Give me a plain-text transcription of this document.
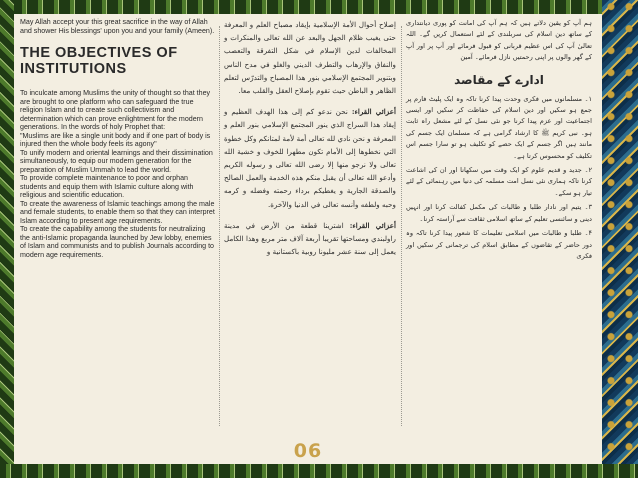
May Allah accept your this great sacrifice in the way of Allah and shower His blessings' upon you and your family (Ameen).

THE OBJECTIVES OF INSTITUTIONS

To inculcate among Muslims the unity of thought so that they are brought to one platform who can safeguard the true religion Islam and to create such collectivism and determination which can prove enlightment for the modern generations. In the words of holy Prophet that:

"Muslims are like a single unit body and if one part of body is injured then the whole body feels its agony"

To unify modern and oriental learnings and their dissimination simultaneously, to equip our modern generation for the preparation of Muslim Ummah to lead the world.

To provide complete maintenance to poor and orphan students and equip them with Islamic culture along with religious and scientific education.

To create the awareness of Islamic teachings among the male and female students, to enable them so that they can interpret Islam according to present age requirements.

To create the capability among the students for neutralizing the anti-Islamic propaganda launched by Jew lobby, enemies of Islam and communists and to publish Journals according to modern age requirements.

إصلاح أحوال الأمة الإسلامية بإيقاد مصباح العلم و المعرفة حتى يغيب ظلام الجهل والبعد عن الله تعالى والمنكرات و المخالفات لدين الإسلام في شكل التفرقة والتعصب والنفاق والإرهاب والتطرف الديني والغلو في مدح الناس وبتنوير المجتمع الإسلامي بنور هذا المصباح والتدرّس لتعلم الظاهر و الباطن حيث تقوم بإصلاح العقل والقلب معا.

أعزائي القراء: نحن ندعو كم إلى هذا الهدف العظيم و إيقاد هذا السراج الذي ينور المجتمع الإسلامي بنور العلم و المعرفة و نحن نادي لله تعالى أمة لأمة لمتانكم وكل خطوة التي نخطوها إلى الأمام تكون مطهرا للخوف و خشية الله تعالى ولا نرجو منها إلا رضى الله تعالى و رسوله الكريم وأدعو الله تعالى أن يقبل منكم هذه الخدمة والعمل الصالح والصدقة الجارية و يغطيكم برداء رحمته وفضله و كرمه وحبه ولطفه وأنسه تعالى في الدنيا والآخرة.

أعزائي القراء: اشترينا قطعة من الأرض في مدينة راولبندي ومساحتها تقريبا أربعة آلاف متر مربع وهذا الكامل يعمل إلى سنة عشر مليونا روبية باكستانية و

ہم آپ کو یقین دلاتے ہیں کہ ہم آپ کی امانت کو پوری دیانتداری کے ساتھ دین اسلام کی سربلندی کے لئے استعمال کریں گے۔ اللہ تعالیٰ آپ کی اس عظیم قربانی کو قبول فرمائے اور آپ پر اور آپ کے گھر والوں پر اپنی رحمتیں نازل فرمائے۔ آمین

ادارے کے مقاصد

۱۔ مسلمانوں میں فکری وحدت پیدا کرنا تاکہ وہ ایک پلیٹ فارم پر جمع ہو سکیں اور دین اسلام کی حفاظت کر سکیں اور ایسی اجتماعیت اور عزم پیدا کرنا جو نئی نسل کے لئے مشعل راہ ثابت ہو۔ نبی کریم ﷺ کا ارشاد گرامی ہے کہ مسلمان ایک جسم کی مانند ہیں اگر جسم کے ایک حصے کو تکلیف ہو تو سارا جسم اس تکلیف کو محسوس کرتا ہے۔

۲۔ جدید و قدیم علوم کو ایک وقت میں سکھانا اور ان کی اشاعت کرنا تاکہ ہماری نئی نسل امت مسلمہ کی دنیا میں رہنمائی کے لئے تیار ہو سکے۔

۳۔ یتیم اور نادار طلبا و طالبات کی مکمل کفالت کرنا اور انہیں دینی و سائنسی تعلیم کے ساتھ اسلامی ثقافت سے آراستہ کرنا۔

۴۔ طلبا و طالبات میں اسلامی تعلیمات کا شعور پیدا کرنا تاکہ وہ دور حاضر کے تقاضوں کے مطابق اسلام کی ترجمانی کر سکیں اور فکری

06
